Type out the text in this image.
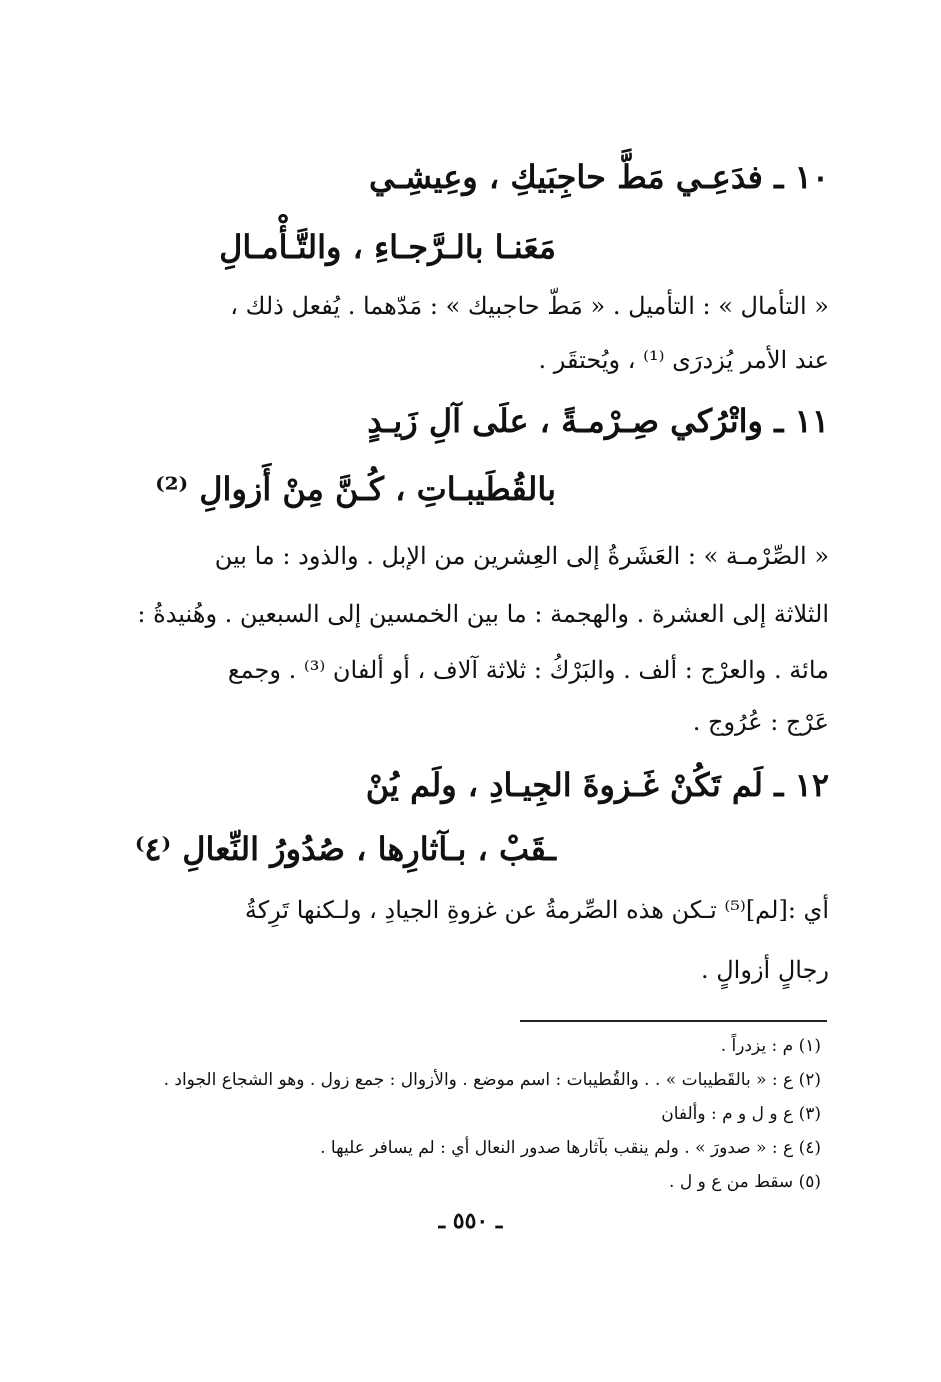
١٠ ـ فدَعِـي مَطَّ حاجِبَيكِ ، وعِيشِـي
مَعَنـا بالـرَّجـاءِ ، والتَّـأْمـالِ
« التأمال » : التأميل . « مَطّ حاجبيك » : مَدّهما . يُفعل ذلك ،
عند الأمر يُزدرَى ⁽¹⁾ ، ويُحتقَر .
١١ ـ واتْرُكي صِـرْمـةً ، علَى آلِ زَيـدٍ
بالقُطَيبـاتِ ، كُـنَّ مِنْ أَزوالِ ⁽²⁾
« الصِّرْمـة » : العَشَرةُ إلى العِشرين من الإبل . والذود : ما بين
الثلاثة إلى العشرة . والهجمة : ما بين الخمسين إلى السبعين . وهُنيدةُ :
مائة . والعرْج : ألف . والبَرْكُ : ثلاثة آلاف ، أو ألفان ⁽³⁾ . وجمع
عَرْج : عُرُوج .
١٢ ـ لَم تَكُنْ غَـزوةَ الجِيـادِ ، ولَم يُنْ
ـقَبْ ، بـآثارِها ، صُدُورُ النِّعالِ ⁽٤⁾
أي :[لم]⁽⁵⁾ تـكن هذه الصِّرمةُ عن غزوةِ الجيادِ ، ولـكنها تَرِكةُ
رجالٍ أزوالٍ .
(١) م : يزدراً .
(٢) ع : « بالقَطيبات » . . والقُطيبات : اسم موضع . والأزوال : جمع زول . وهو الشجاع الجواد .
(٣) ع و ل و م : وألفان
(٤) ع : « صدورَ » . ولم ينقب بآثارها صدور النعال أي : لم يسافر عليها .
(٥) سقط من ع و ل .
ـ ٥٥٠ ـ
